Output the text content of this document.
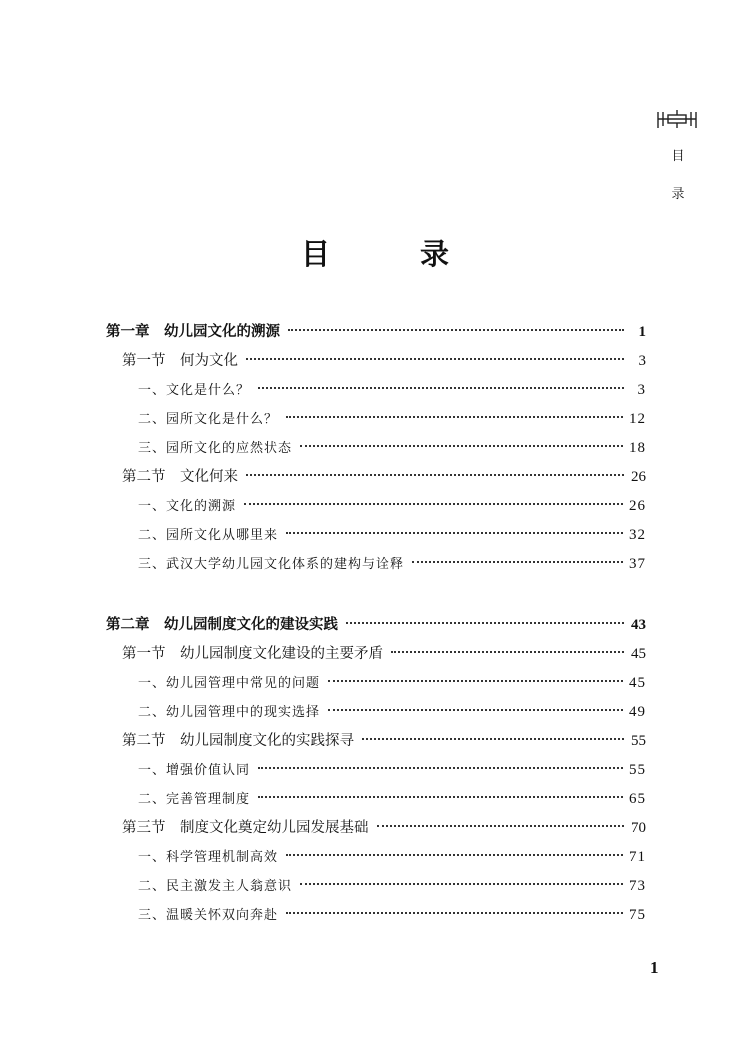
目
录
目 录
第一章　幼儿园文化的溯源	1
第一节　何为文化	3
一、文化是什么？	3
二、园所文化是什么？	12
三、园所文化的应然状态	18
第二节　文化何来	26
一、文化的溯源	26
二、园所文化从哪里来	32
三、武汉大学幼儿园文化体系的建构与诠释	37
第二章　幼儿园制度文化的建设实践	43
第一节　幼儿园制度文化建设的主要矛盾	45
一、幼儿园管理中常见的问题	45
二、幼儿园管理中的现实选择	49
第二节　幼儿园制度文化的实践探寻	55
一、增强价值认同	55
二、完善管理制度	65
第三节　制度文化奠定幼儿园发展基础	70
一、科学管理机制高效	71
二、民主激发主人翁意识	73
三、温暖关怀双向奔赴	75
1
